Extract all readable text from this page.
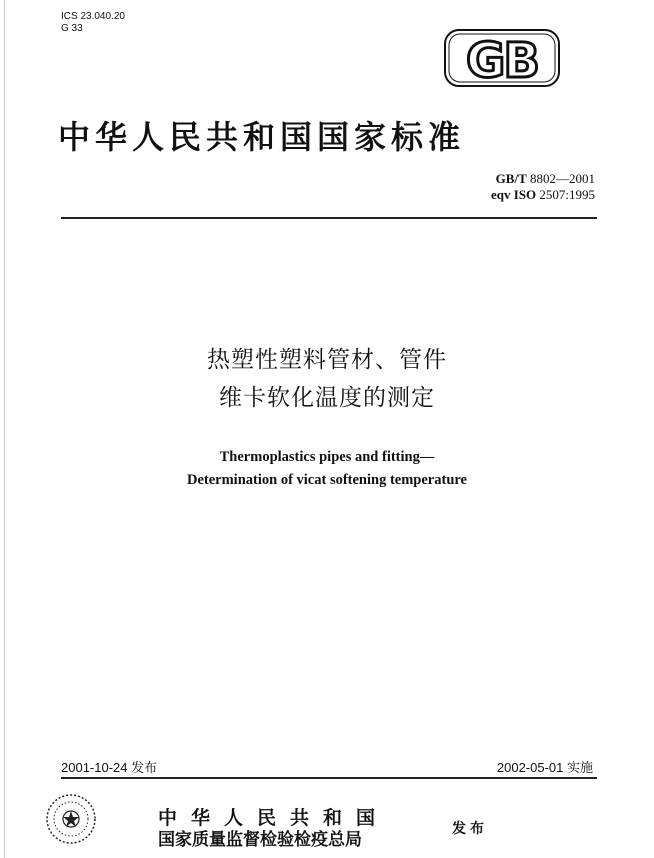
ICS 23.040.20
G 33
GB
中华人民共和国国家标准
GB/T 8802—2001
eqv ISO 2507:1995
热塑性塑料管材、管件
维卡软化温度的测定
Thermoplastics pipes and fitting—
Determination of vicat softening temperature
2001-10-24 发布	2002-05-01 实施
中华人民共和国
国家质量监督检验检疫总局
发布
